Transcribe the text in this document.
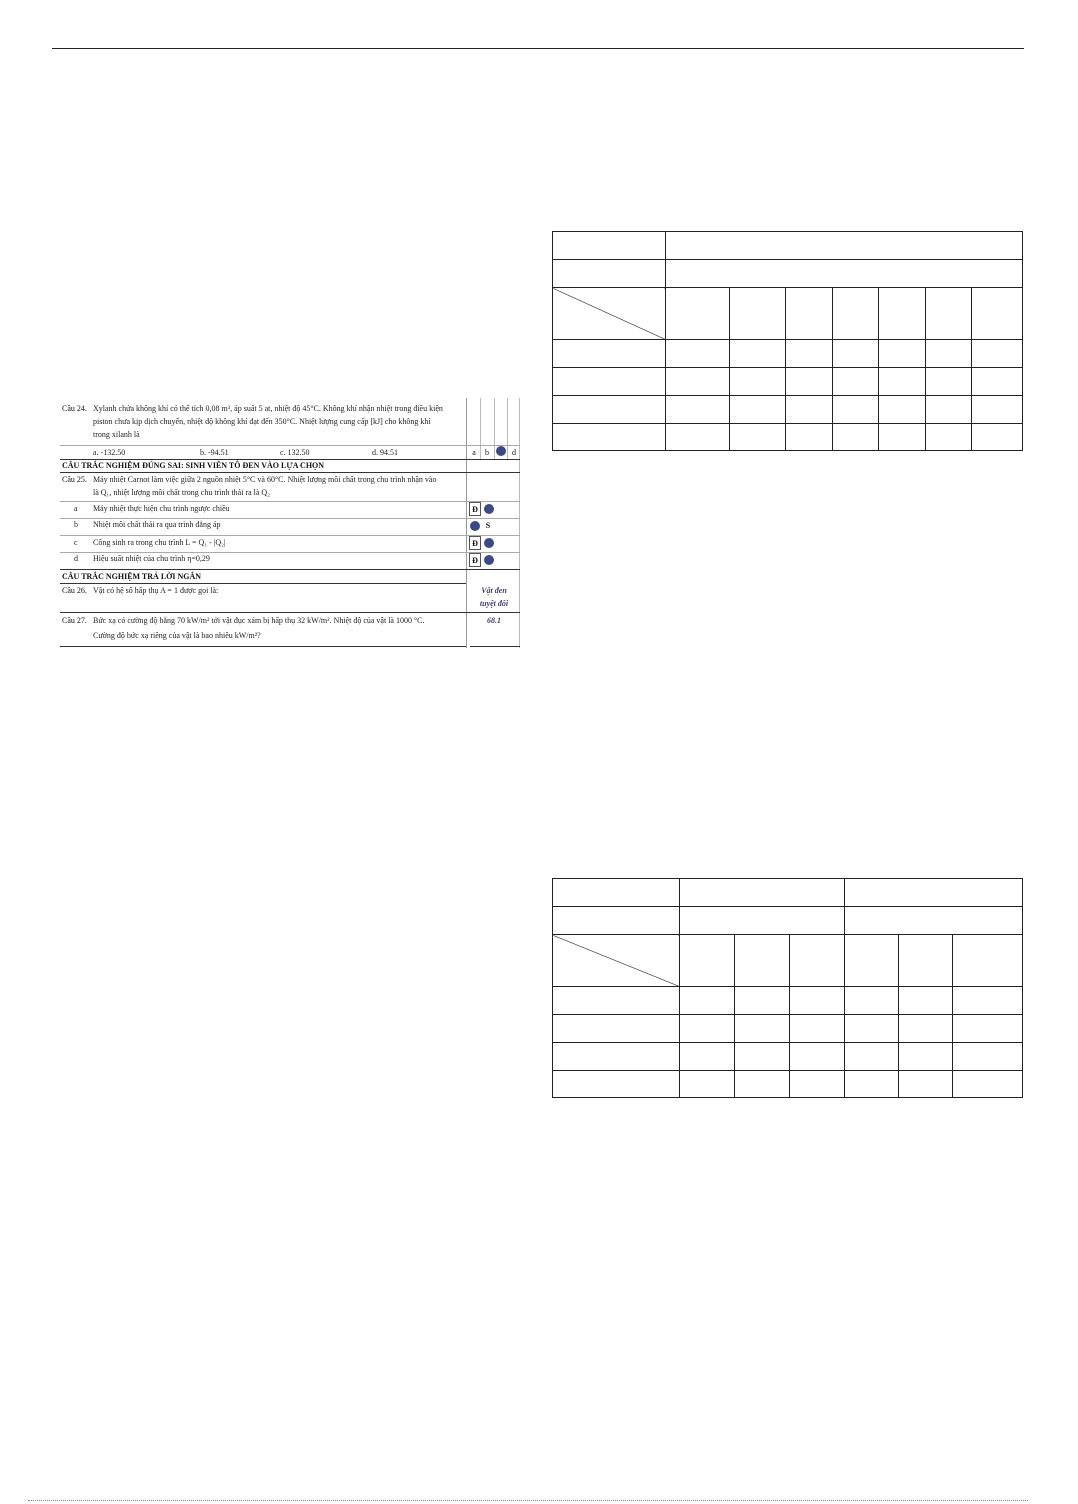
Câu 24. Xylanh chứa không khí có thể tích 0,08 m³, áp suất 5 at, nhiệt độ 45°C. Không khí nhận nhiệt trong điều kiện
piston chưa kịp dịch chuyển, nhiệt độ không khí đạt đến 350°C. Nhiệt lượng cung cấp [kJ] cho không khí
trong xilanh là
a. -132.50	b. -94.51	c. 132.50	d. 94.51	a	b	d
CÂU TRẮC NGHIỆM ĐÚNG SAI: SINH VIÊN TÔ ĐEN VÀO LỰA CHỌN
Câu 25. Máy nhiệt Carnot làm việc giữa 2 nguồn nhiệt 5°C và 60°C. Nhiệt lượng môi chất trong chu trình nhận vào
là Q₁, nhiệt lượng môi chất trong chu trình thải ra là Q₂
a Máy nhiệt thực hiện chu trình ngược chiều	Đ
b Nhiệt môi chất thải ra qua trình đẳng áp	S
c Công sinh ra trong chu trình L = Q₁ - |Q₂|	Đ
d Hiệu suất nhiệt của chu trình η=0,29	Đ
CÂU TRẮC NGHIỆM TRẢ LỜI NGẮN
Câu 26. Vật có hệ số hấp thụ A = 1 được gọi là:	Vật đen
tuyệt đối
Câu 27. Bức xạ có cường độ bằng 70 kW/m² tới vật đục xám bị hấp thụ 32 kW/m². Nhiệt độ của vật là 1000 °C.
Cường độ bức xạ riêng của vật là bao nhiêu kW/m²?
68.1
